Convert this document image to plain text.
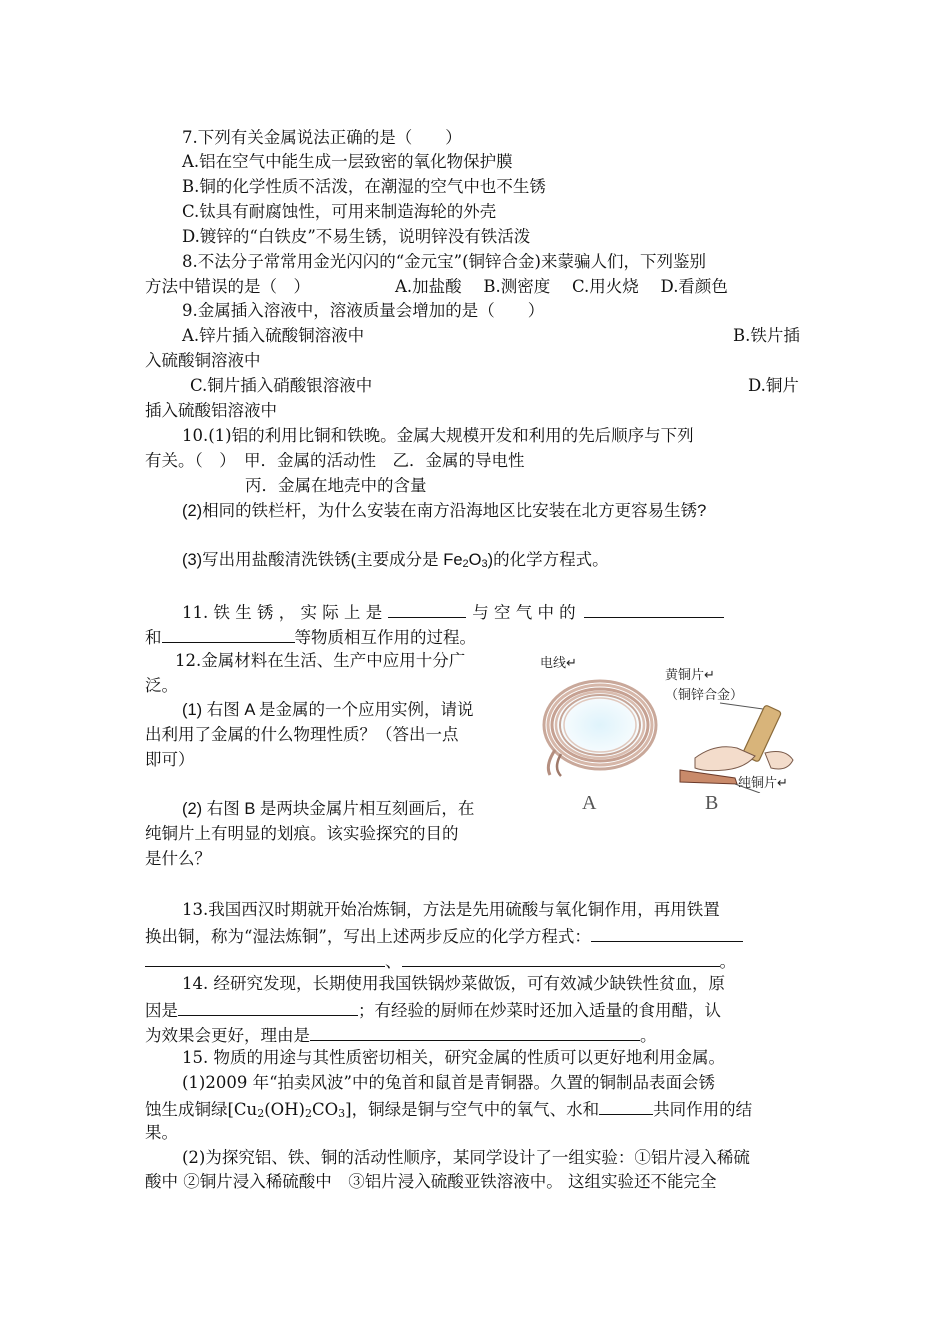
7.下列有关金属说法正确的是（　　）
A.铝在空气中能生成一层致密的氧化物保护膜
B.铜的化学性质不活泼，在潮湿的空气中也不生锈
C.钛具有耐腐蚀性，可用来制造海轮的外壳
D.镀锌的“白铁皮”不易生锈，说明锌没有铁活泼
8.不法分子常常用金光闪闪的“金元宝”(铜锌合金)来蒙骗人们，下列鉴别
方法中错误的是（　）	A.加盐酸　 B.测密度　 C.用火烧　 D.看颜色
9.金属插入溶液中，溶液质量会增加的是（　　）
A.锌片插入硫酸铜溶液中	B.铁片插
入硫酸铜溶液中
C.铜片插入硝酸银溶液中	D.铜片
插入硫酸铝溶液中
10.(1)铝的利用比铜和铁晚。金属大规模开发和利用的先后顺序与下列
有关。（　）　甲．金属的活动性　乙．金属的导电性
丙．金属在地壳中的含量
(2)相同的铁栏杆，为什么安装在南方沿海地区比安装在北方更容易生锈?
(3)写出用盐酸清洗铁锈(主要成分是 Fe2O3)的化学方程式。
11. 铁 生 锈 ， 实 际 上 是	与 空 气 中 的
和	等物质相互作用的过程。
12.金属材料在生活、生产中应用十分广
泛。
(1) 右图 A 是金属的一个应用实例，请说
出利用了金属的什么物理性质？（答出一点
即可）
(2) 右图 B 是两块金属片相互刻画后，在
纯铜片上有明显的划痕。该实验探究的目的
是什么？
电线↵
黄铜片↵
（铜锌合金）
纯铜片↵
A	B
13.我国西汉时期就开始冶炼铜，方法是先用硫酸与氧化铜作用，再用铁置
换出铜，称为“湿法炼铜”，写出上述两步反应的化学方程式：
、	。
14. 经研究发现，长期使用我国铁锅炒菜做饭，可有效减少缺铁性贫血，原
因是	；有经验的厨师在炒菜时还加入适量的食用醋，认
为效果会更好，理由是	。
15. 物质的用途与其性质密切相关，研究金属的性质可以更好地利用金属。
(1)2009 年“拍卖风波”中的兔首和鼠首是青铜器。久置的铜制品表面会锈
蚀生成铜绿[Cu2(OH)2CO3]，铜绿是铜与空气中的氧气、水和	共同作用的结
果。
(2)为探究铝、铁、铜的活动性顺序，某同学设计了一组实验：①铝片浸入稀硫
酸中 ②铜片浸入稀硫酸中　③铝片浸入硫酸亚铁溶液中。 这组实验还不能完全
